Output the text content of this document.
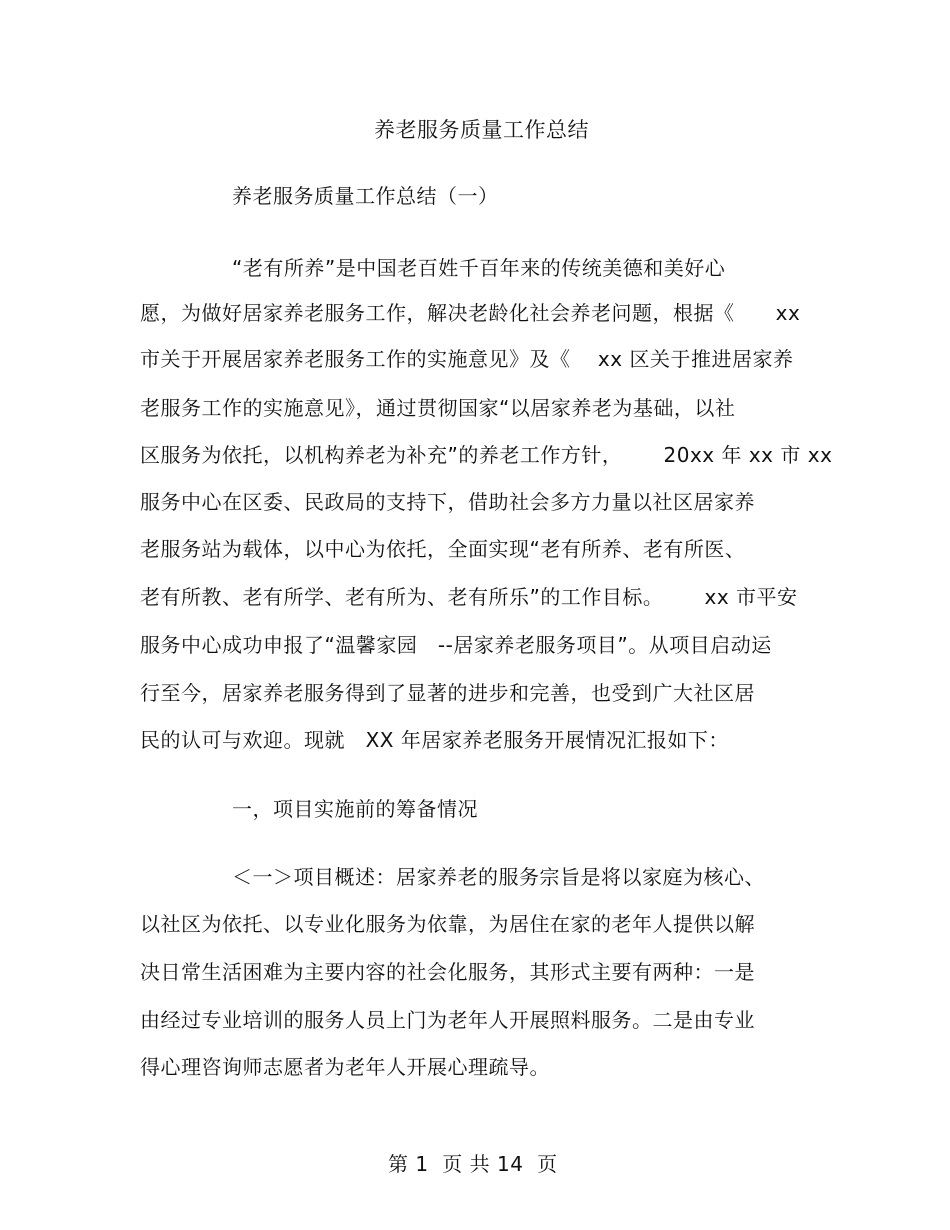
养老服务质量工作总结
养老服务质量工作总结（一）
“老有所养”是中国老百姓千百年来的传统美德和美好心
愿，为做好居家养老服务工作，解决老龄化社会养老问题，根据《      xx
市关于开展居家养老服务工作的实施意见》及《    xx 区关于推进居家养
老服务工作的实施意见》，通过贯彻国家“以居家养老为基础，以社
区服务为依托，以机构养老为补充”的养老工作方针，      20xx 年 xx 市 xx
服务中心在区委、民政局的支持下，借助社会多方力量以社区居家养
老服务站为载体，以中心为依托，全面实现“老有所养、老有所医、
老有所教、老有所学、老有所为、老有所乐”的工作目标。      xx 市平安
服务中心成功申报了“温馨家园   --居家养老服务项目”。从项目启动运
行至今，居家养老服务得到了显著的进步和完善，也受到广大社区居
民的认可与欢迎。现就   XX 年居家养老服务开展情况汇报如下：
一，项目实施前的筹备情况
＜一＞项目概述：居家养老的服务宗旨是将以家庭为核心、
以社区为依托、以专业化服务为依靠，为居住在家的老年人提供以解
决日常生活困难为主要内容的社会化服务，其形式主要有两种：一是
由经过专业培训的服务人员上门为老年人开展照料服务。二是由专业
得心理咨询师志愿者为老年人开展心理疏导。
第 1  页 共 14  页
